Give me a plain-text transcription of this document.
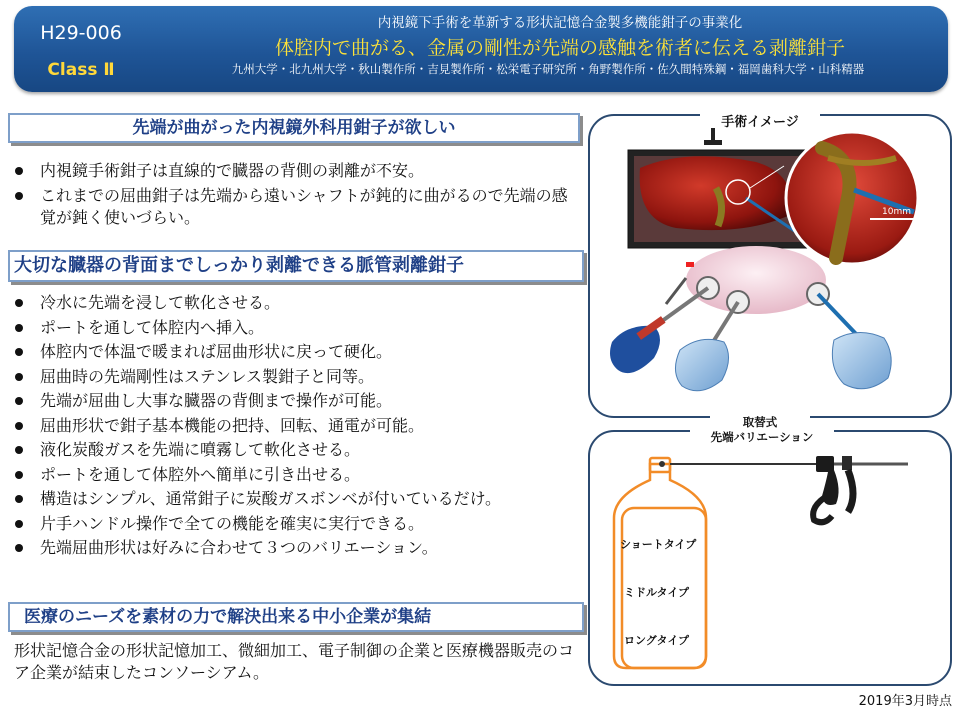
H29-006
Class Ⅱ
内視鏡下手術を革新する形状記憶合金製多機能鉗子の事業化
体腔内で曲がる、金属の剛性が先端の感触を術者に伝える剥離鉗子
九州大学・北九州大学・秋山製作所・吉見製作所・松栄電子研究所・角野製作所・佐久間特殊鋼・福岡歯科大学・山科精器
先端が曲がった内視鏡外科用鉗子が欲しい
内視鏡手術鉗子は直線的で臓器の背側の剥離が不安。
これまでの屈曲鉗子は先端から遠いシャフトが鈍的に曲がるので先端の感覚が鈍く使いづらい。
大切な臓器の背面までしっかり剥離できる脈管剥離鉗子
冷水に先端を浸して軟化させる。
ポートを通して体腔内へ挿入。
体腔内で体温で暖まれば屈曲形状に戻って硬化。
屈曲時の先端剛性はステンレス製鉗子と同等。
先端が屈曲し大事な臓器の背側まで操作が可能。
屈曲形状で鉗子基本機能の把持、回転、通電が可能。
液化炭酸ガスを先端に噴霧して軟化させる。
ポートを通して体腔外へ簡単に引き出せる。
構造はシンプル、通常鉗子に炭酸ガスボンベが付いているだけ。
片手ハンドル操作で全ての機能を確実に実行できる。
先端屈曲形状は好みに合わせて３つのバリエーション。
医療のニーズを素材の力で解決出来る中小企業が集結
形状記憶合金の形状記憶加工、微細加工、電子制御の企業と医療機器販売のコア企業が結束したコンソーシアム。
手術イメージ
10mm
取替式
先端バリエーション
ショートタイプ
ミドルタイプ
ロングタイプ
2019年3月時点
